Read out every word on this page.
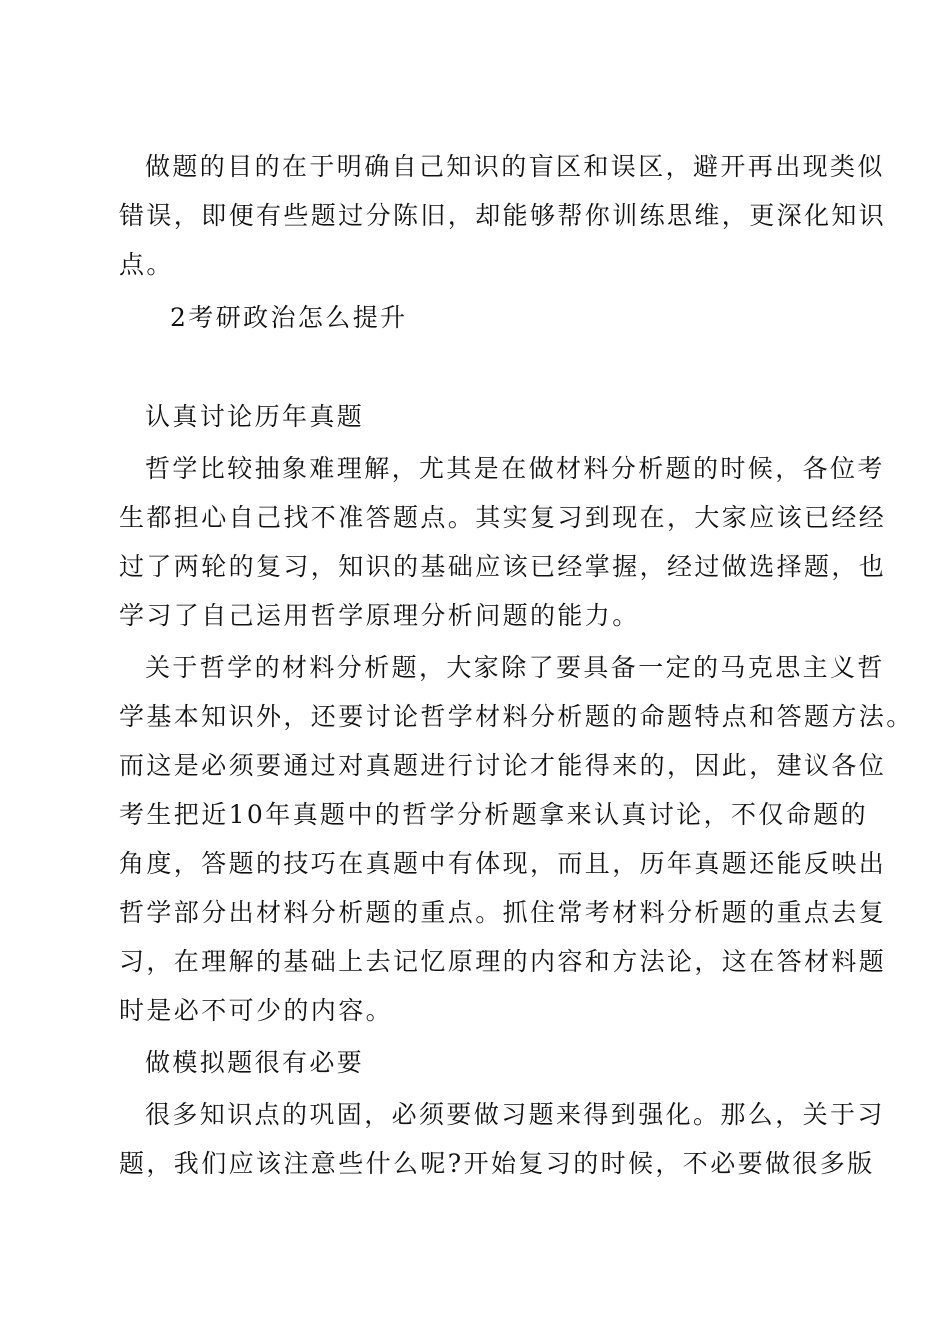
做题的目的在于明确自己知识的盲区和误区，避开再出现类似
错误，即便有些题过分陈旧，却能够帮你训练思维，更深化知识
点。
2考研政治怎么提升
认真讨论历年真题
哲学比较抽象难理解，尤其是在做材料分析题的时候，各位考
生都担心自己找不准答题点。其实复习到现在，大家应该已经经
过了两轮的复习，知识的基础应该已经掌握，经过做选择题，也
学习了自己运用哲学原理分析问题的能力。
关于哲学的材料分析题，大家除了要具备一定的马克思主义哲
学基本知识外，还要讨论哲学材料分析题的命题特点和答题方法。
而这是必须要通过对真题进行讨论才能得来的，因此，建议各位
考生把近10年真题中的哲学分析题拿来认真讨论，不仅命题的
角度，答题的技巧在真题中有体现，而且，历年真题还能反映出
哲学部分出材料分析题的重点。抓住常考材料分析题的重点去复
习，在理解的基础上去记忆原理的内容和方法论，这在答材料题
时是必不可少的内容。
做模拟题很有必要
很多知识点的巩固，必须要做习题来得到强化。那么，关于习
题，我们应该注意些什么呢?开始复习的时候，不必要做很多版
